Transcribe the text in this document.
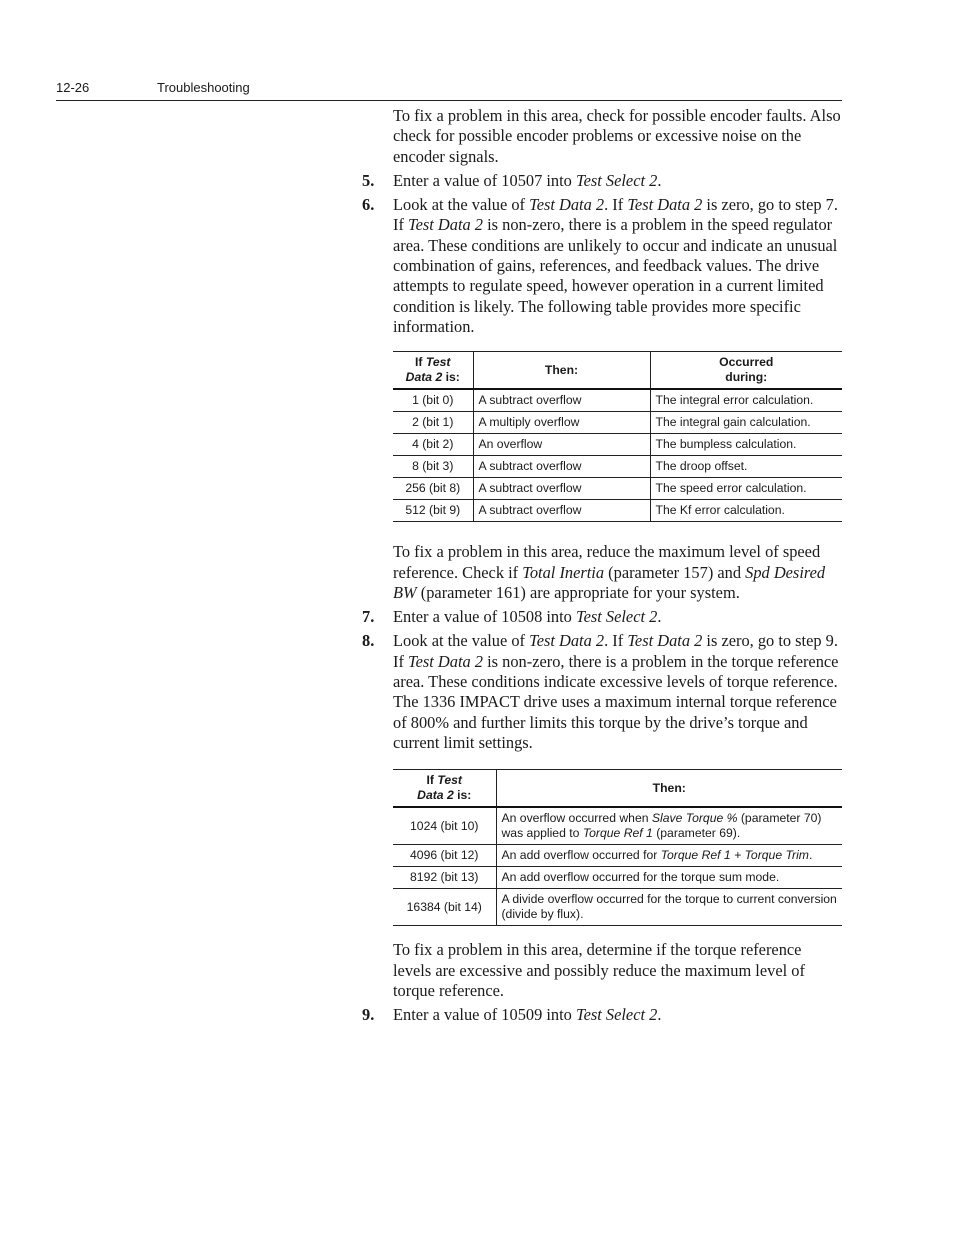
12-26	Troubleshooting

To fix a problem in this area, check for possible encoder faults. Also check for possible encoder problems or excessive noise on the encoder signals.

5. Enter a value of 10507 into Test Select 2.
6. Look at the value of Test Data 2. If Test Data 2 is zero, go to step 7. If Test Data 2 is non-zero, there is a problem in the speed regulator area. These conditions are unlikely to occur and indicate an unusual combination of gains, references, and feedback values. The drive attempts to regulate speed, however operation in a current limited condition is likely. The following table provides more specific information.
If Test
Data 2 is:	Then:	Occurred
during:
1 (bit 0)	A subtract overflow	The integral error calculation.
2 (bit 1)	A multiply overflow	The integral gain calculation.
4 (bit 2)	An overflow	The bumpless calculation.
8 (bit 3)	A subtract overflow	The droop offset.
256 (bit 8)	A subtract overflow	The speed error calculation.
512 (bit 9)	A subtract overflow	The Kf error calculation.

To fix a problem in this area, reduce the maximum level of speed reference. Check if Total Inertia (parameter 157) and Spd Desired BW (parameter 161) are appropriate for your system.

7. Enter a value of 10508 into Test Select 2.
8. Look at the value of Test Data 2. If Test Data 2 is zero, go to step 9. If Test Data 2 is non-zero, there is a problem in the torque reference area. These conditions indicate excessive levels of torque reference. The 1336 IMPACT drive uses a maximum internal torque reference of 800% and further limits this torque by the drive’s torque and current limit settings.
If Test
Data 2 is:	Then:
1024 (bit 10)	An overflow occurred when Slave Torque % (parameter 70) was applied to Torque Ref 1 (parameter 69).
4096 (bit 12)	An add overflow occurred for Torque Ref 1 + Torque Trim.
8192 (bit 13)	An add overflow occurred for the torque sum mode.
16384 (bit 14)	A divide overflow occurred for the torque to current conversion (divide by flux).

To fix a problem in this area, determine if the torque reference levels are excessive and possibly reduce the maximum level of torque reference.

9. Enter a value of 10509 into Test Select 2.
